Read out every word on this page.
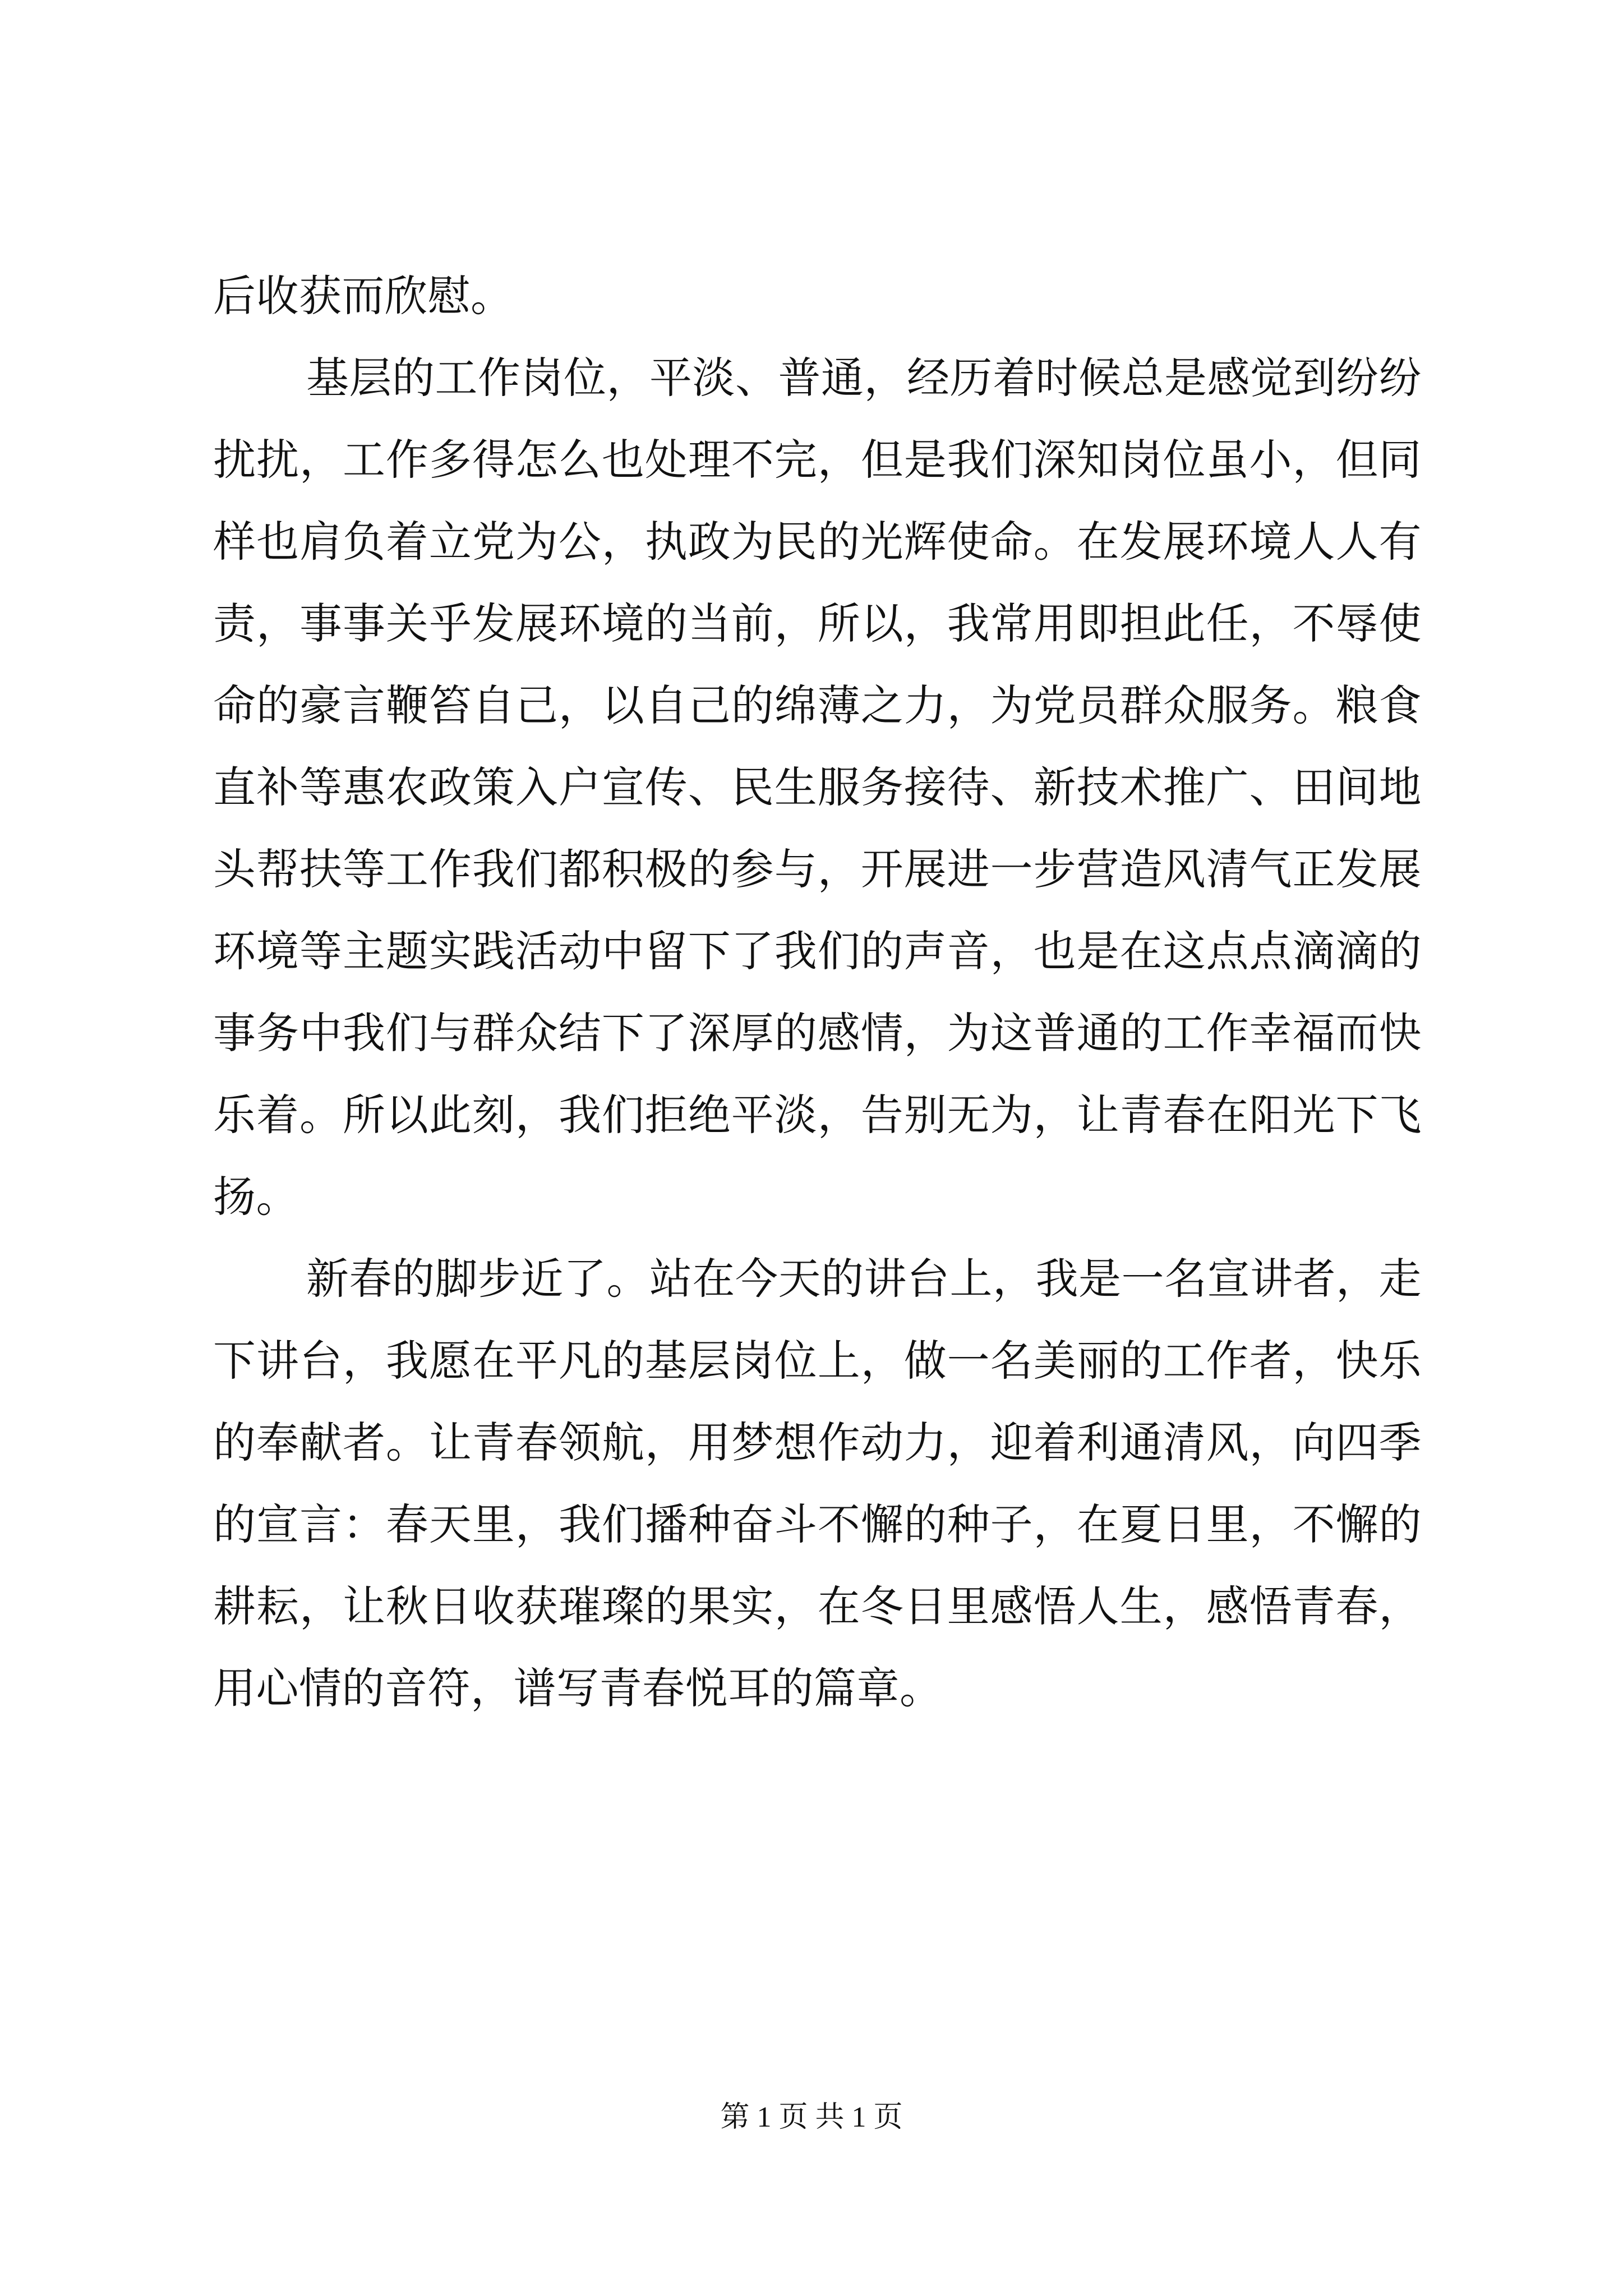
后收获而欣慰。
基层的工作岗位，平淡、普通，经历着时候总是感觉到纷纷
扰扰，工作多得怎么也处理不完，但是我们深知岗位虽小，但同
样也肩负着立党为公，执政为民的光辉使命。在发展环境人人有
责，事事关乎发展环境的当前，所以，我常用即担此任，不辱使
命的豪言鞭笞自己，以自己的绵薄之力，为党员群众服务。粮食
直补等惠农政策入户宣传、民生服务接待、新技术推广、田间地
头帮扶等工作我们都积极的参与，开展进一步营造风清气正发展
环境等主题实践活动中留下了我们的声音，也是在这点点滴滴的
事务中我们与群众结下了深厚的感情，为这普通的工作幸福而快
乐着。所以此刻，我们拒绝平淡，告别无为，让青春在阳光下飞
扬。
新春的脚步近了。站在今天的讲台上，我是一名宣讲者，走
下讲台，我愿在平凡的基层岗位上，做一名美丽的工作者，快乐
的奉献者。让青春领航，用梦想作动力，迎着利通清风，向四季
的宣言：春天里，我们播种奋斗不懈的种子，在夏日里，不懈的
耕耘，让秋日收获璀璨的果实，在冬日里感悟人生，感悟青春，
用心情的音符，谱写青春悦耳的篇章。
第 1 页 共 1 页
